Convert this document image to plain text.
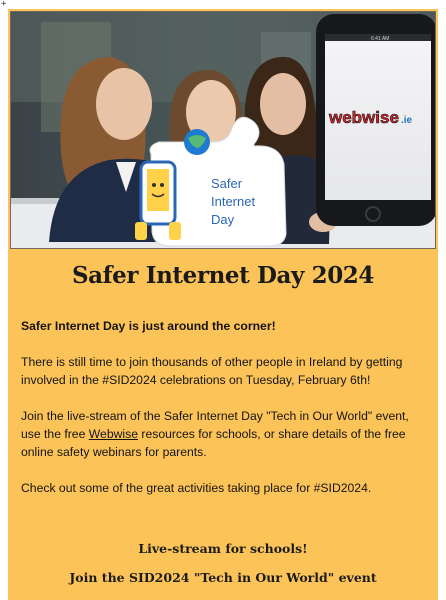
+
6:41 AM
webwise .ie
Safer
Internet
Day
Safer Internet Day 2024

Safer Internet Day is just around the corner!

There is still time to join thousands of other people in Ireland by getting involved in the #SID2024 celebrations on Tuesday, February 6th!

Join the live-stream of the Safer Internet Day "Tech in Our World" event, use the free Webwise resources for schools, or share details of the free online safety webinars for parents.

Check out some of the great activities taking place for #SID2024.

Live-stream for schools!
Join the SID2024 "Tech in Our World" event
